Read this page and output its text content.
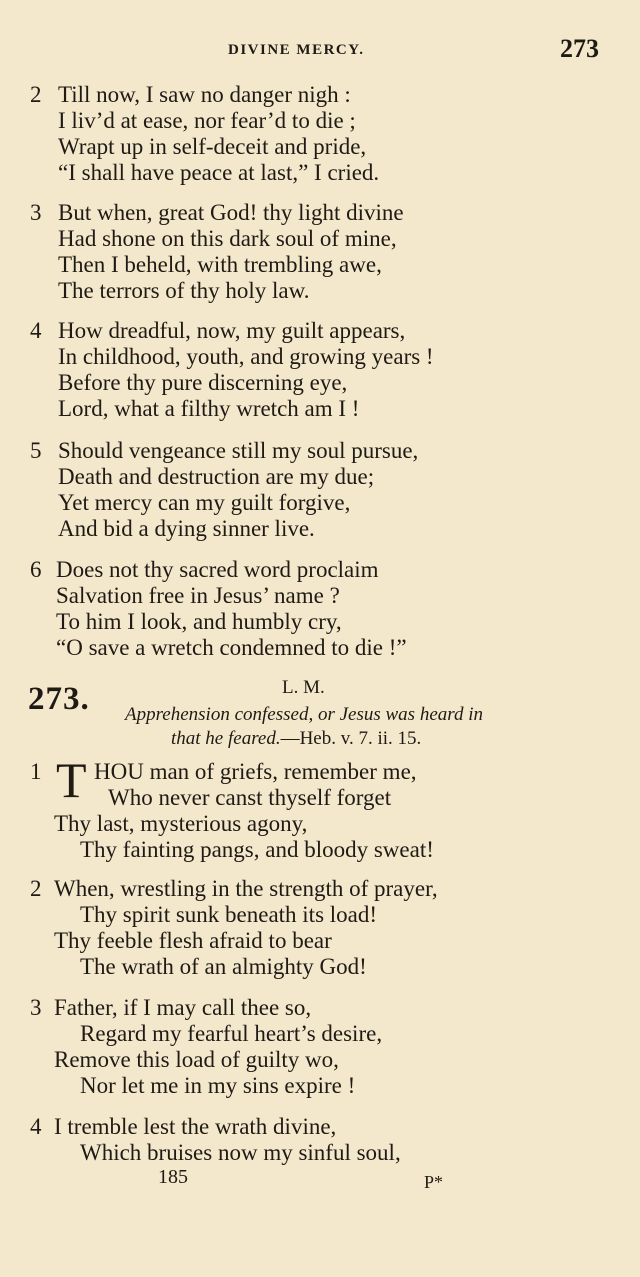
DIVINE MERCY.	273
2 Till now, I saw no danger nigh :
I liv’d at ease, nor fear’d to die ;
Wrapt up in self-deceit and pride,
“I shall have peace at last,” I cried.
3 But when, great God! thy light divine
Had shone on this dark soul of mine,
Then I beheld, with trembling awe,
The terrors of thy holy law.
4 How dreadful, now, my guilt appears,
In childhood, youth, and growing years !
Before thy pure discerning eye,
Lord, what a filthy wretch am I !
5 Should vengeance still my soul pursue,
Death and destruction are my due;
Yet mercy can my guilt forgive,
And bid a dying sinner live.
6 Does not thy sacred word proclaim
Salvation free in Jesus’ name ?
To him I look, and humbly cry,
“O save a wretch condemned to die !”
273.	L. M.
Apprehension confessed, or Jesus was heard in
that he feared.—Heb. v. 7. ii. 15.
T
1 HOU man of griefs, remember me,
Who never canst thyself forget
Thy last, mysterious agony,
Thy fainting pangs, and bloody sweat!
2 When, wrestling in the strength of prayer,
Thy spirit sunk beneath its load!
Thy feeble flesh afraid to bear
The wrath of an almighty God!
3 Father, if I may call thee so,
Regard my fearful heart’s desire,
Remove this load of guilty wo,
Nor let me in my sins expire !
4 I tremble lest the wrath divine,
Which bruises now my sinful soul,
185	P*
